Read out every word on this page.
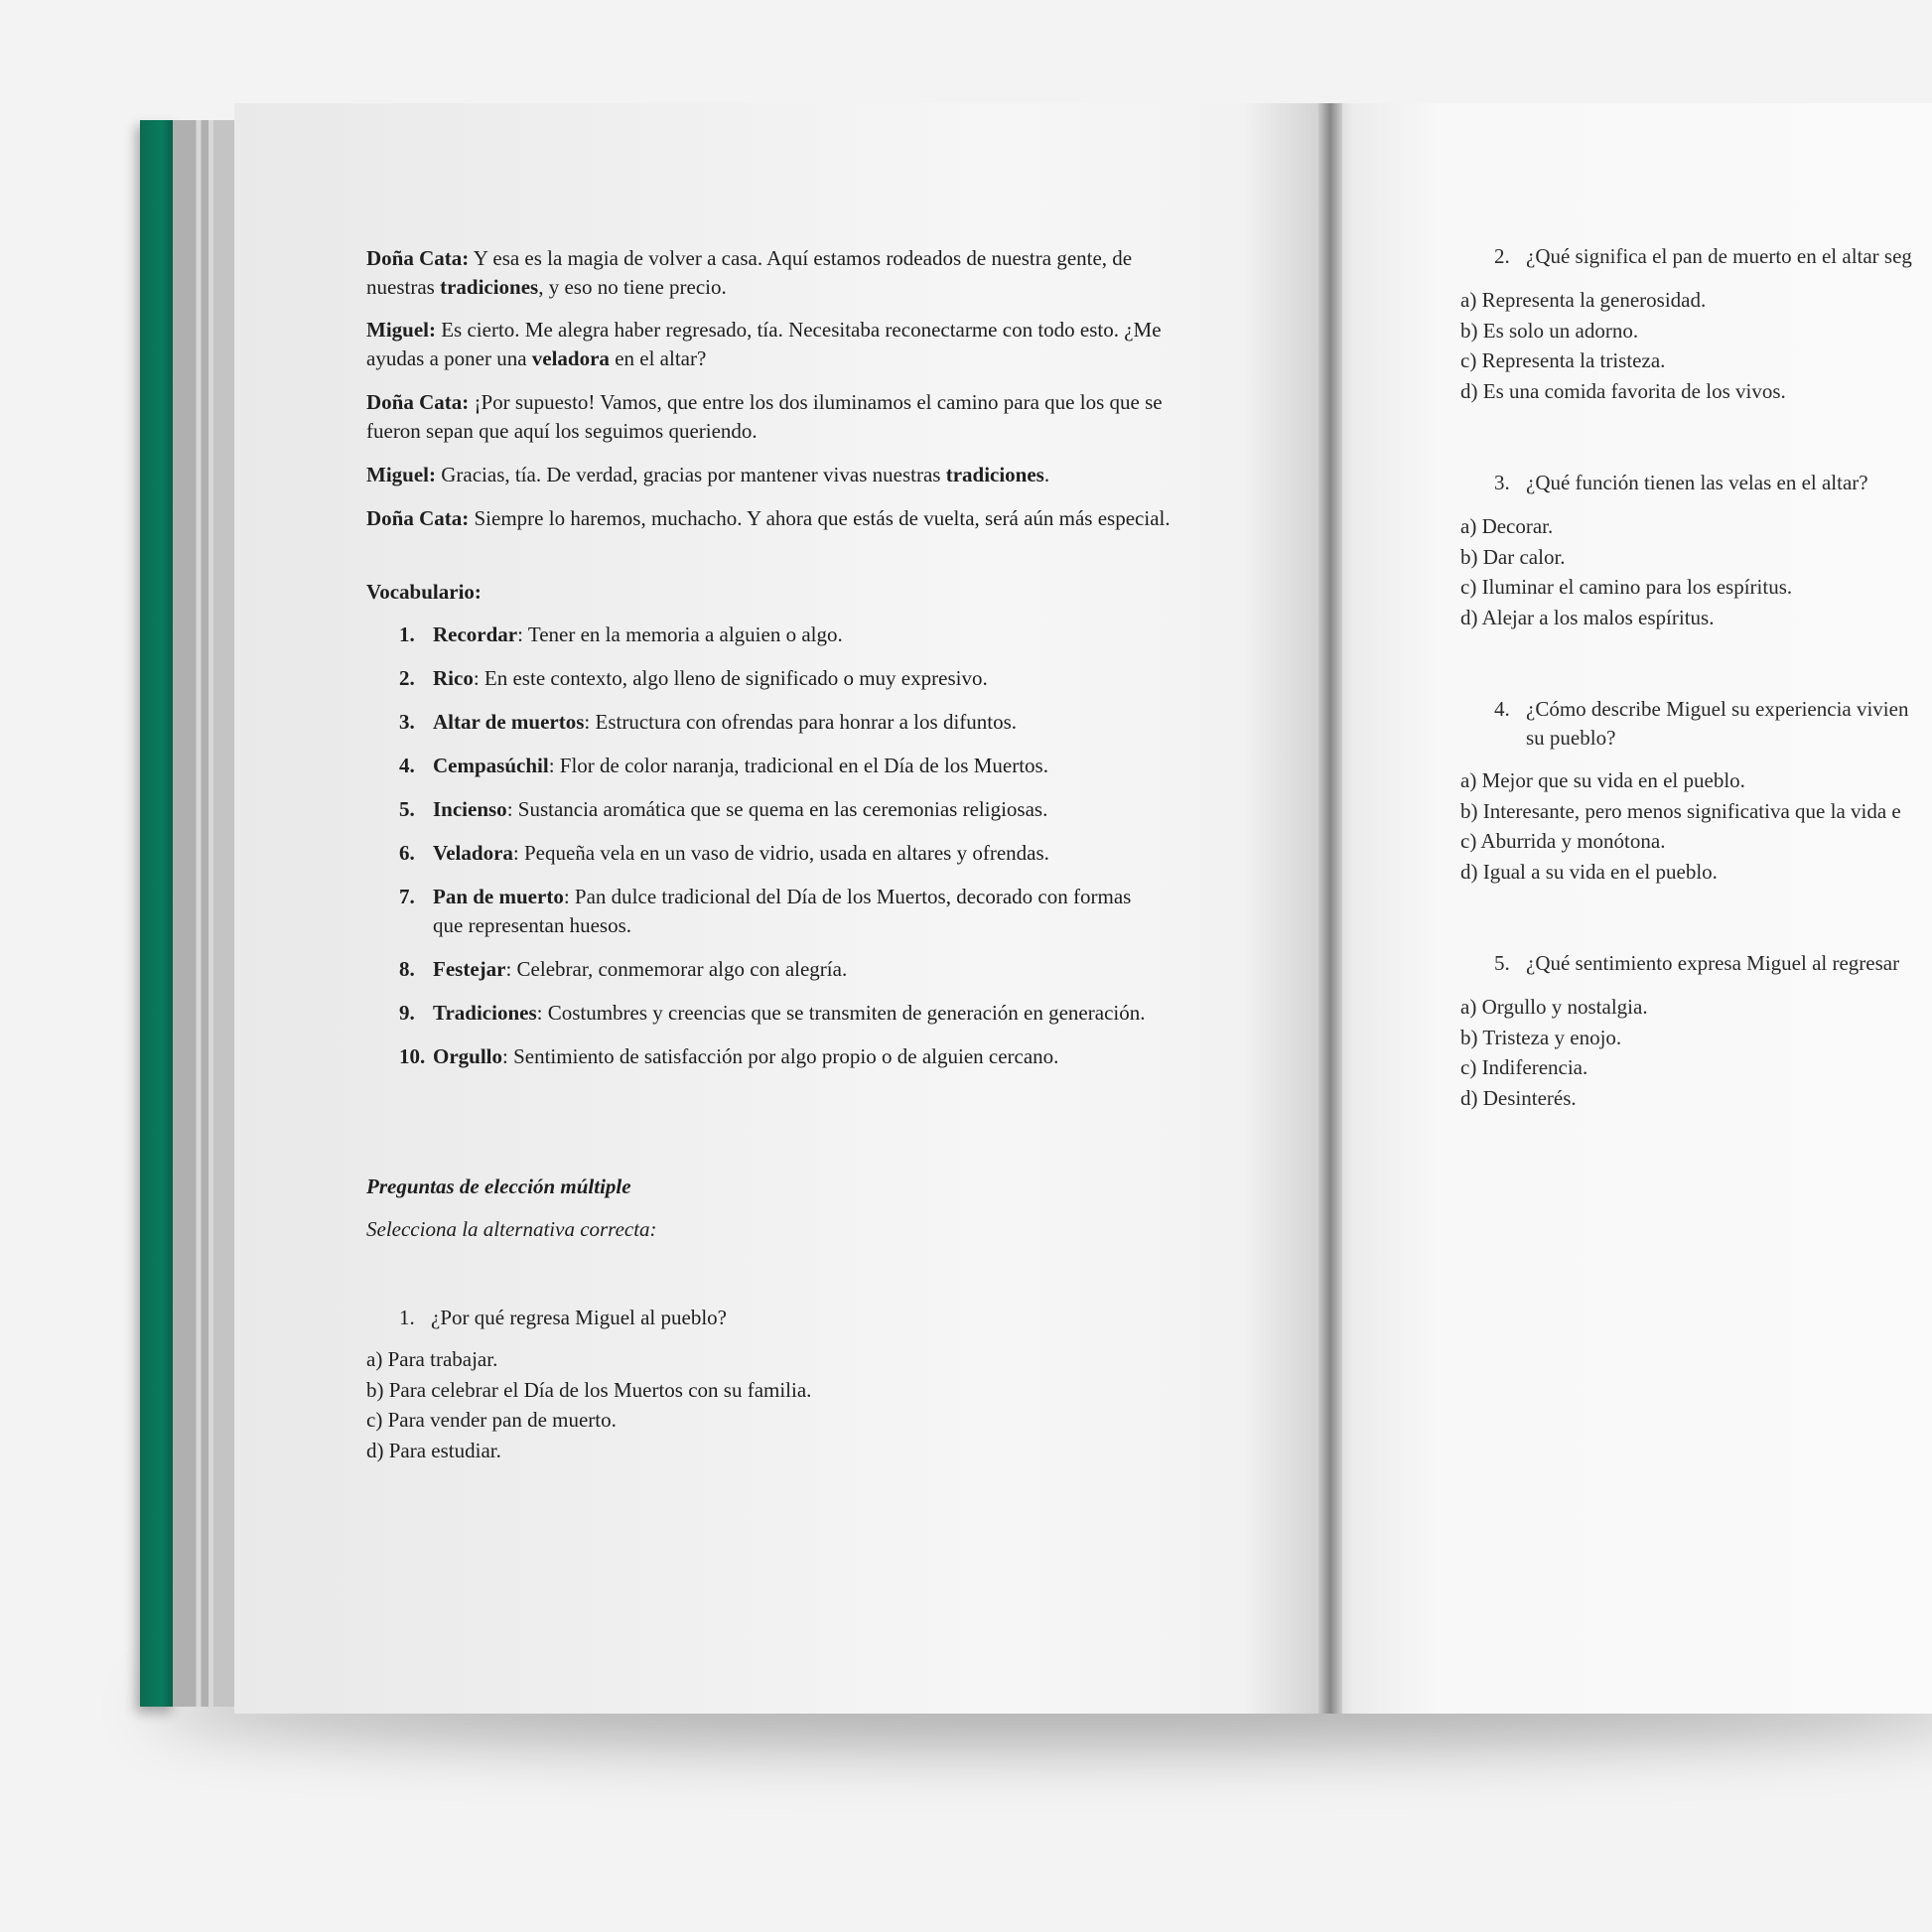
Doña Cata: Y esa es la magia de volver a casa. Aquí estamos rodeados de nuestra gente, de nuestras tradiciones, y eso no tiene precio.

Miguel: Es cierto. Me alegra haber regresado, tía. Necesitaba reconectarme con todo esto. ¿Me ayudas a poner una veladora en el altar?

Doña Cata: ¡Por supuesto! Vamos, que entre los dos iluminamos el camino para que los que se fueron sepan que aquí los seguimos queriendo.

Miguel: Gracias, tía. De verdad, gracias por mantener vivas nuestras tradiciones.

Doña Cata: Siempre lo haremos, muchacho. Y ahora que estás de vuelta, será aún más especial.

Vocabulario:
1. Recordar: Tener en la memoria a alguien o algo.
2. Rico: En este contexto, algo lleno de significado o muy expresivo.
3. Altar de muertos: Estructura con ofrendas para honrar a los difuntos.
4. Cempasúchil: Flor de color naranja, tradicional en el Día de los Muertos.
5. Incienso: Sustancia aromática que se quema en las ceremonias religiosas.
6. Veladora: Pequeña vela en un vaso de vidrio, usada en altares y ofrendas.
7. Pan de muerto: Pan dulce tradicional del Día de los Muertos, decorado con formas
que representan huesos.
8. Festejar: Celebrar, conmemorar algo con alegría.
9. Tradiciones: Costumbres y creencias que se transmiten de generación en generación.
10. Orgullo: Sentimiento de satisfacción por algo propio o de alguien cercano.
Preguntas de elección múltiple
Selecciona la alternativa correcta:
1. ¿Por qué regresa Miguel al pueblo?
a) Para trabajar.
b) Para celebrar el Día de los Muertos con su familia.
c) Para vender pan de muerto.
d) Para estudiar.
2. ¿Qué significa el pan de muerto en el altar seg
a) Representa la generosidad.
b) Es solo un adorno.
c) Representa la tristeza.
d) Es una comida favorita de los vivos.
3. ¿Qué función tienen las velas en el altar?
a) Decorar.
b) Dar calor.
c) Iluminar el camino para los espíritus.
d) Alejar a los malos espíritus.
4. ¿Cómo describe Miguel su experiencia vivien
su pueblo?
a) Mejor que su vida en el pueblo.
b) Interesante, pero menos significativa que la vida e
c) Aburrida y monótona.
d) Igual a su vida en el pueblo.
5. ¿Qué sentimiento expresa Miguel al regresar
a) Orgullo y nostalgia.
b) Tristeza y enojo.
c) Indiferencia.
d) Desinterés.
